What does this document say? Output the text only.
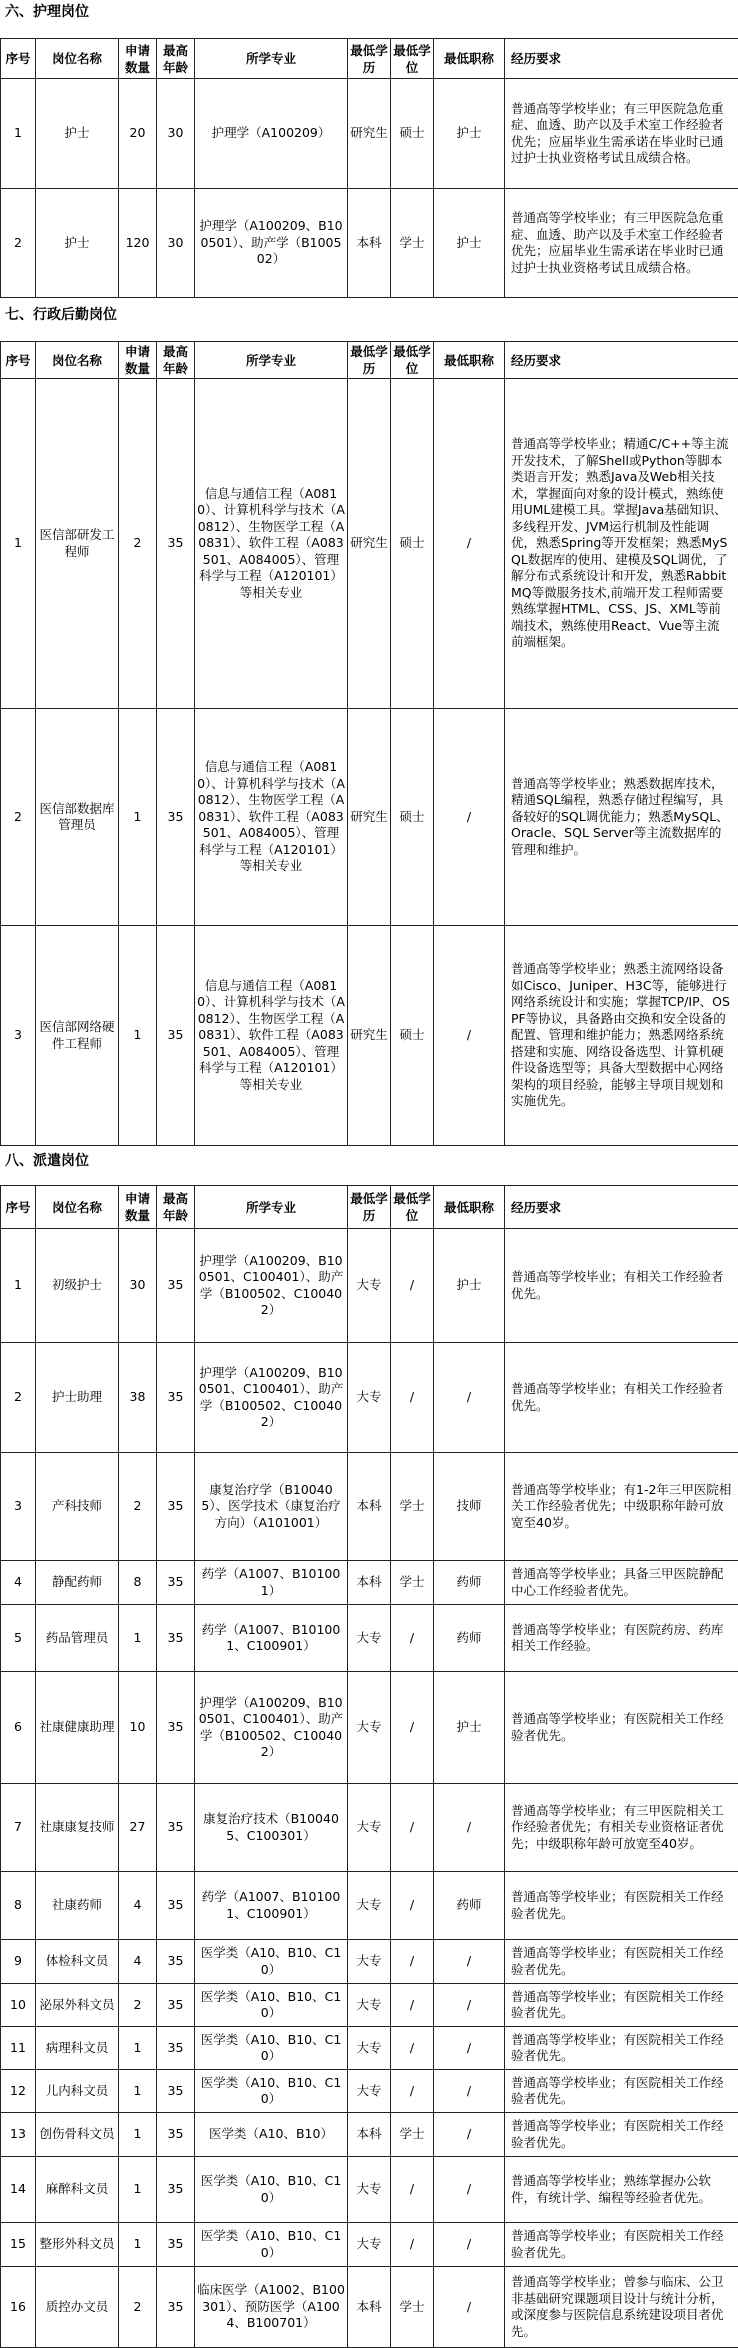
六、护理岗位
序号	岗位名称	申请数量	最高年龄	所学专业	最低学历	最低学位	最低职称	经历要求
1	护士	20	30	护理学（A100209）	研究生	硕士	护士	普通高等学校毕业；有三甲医院急危重症、血透、助产以及手术室工作经验者优先；应届毕业生需承诺在毕业时已通过护士执业资格考试且成绩合格。
2	护士	120	30	护理学（A100209、B100501）、助产学（B100502）	本科	学士	护士	普通高等学校毕业；有三甲医院急危重症、血透、助产以及手术室工作经验者优先；应届毕业生需承诺在毕业时已通过护士执业资格考试且成绩合格。
七、行政后勤岗位
序号	岗位名称	申请数量	最高年龄	所学专业	最低学历	最低学位	最低职称	经历要求
1	医信部研发工程师	2	35	信息与通信工程（A0810）、计算机科学与技术（A0812）、生物医学工程（A0831）、软件工程（A083501、A084005）、管理科学与工程（A120101）等相关专业	研究生	硕士	/	普通高等学校毕业；精通C/C++等主流开发技术，了解Shell或Python等脚本类语言开发；熟悉Java及Web相关技术，掌握面向对象的设计模式，熟练使用UML建模工具。掌握Java基础知识、多线程开发、JVM运行机制及性能调优，熟悉Spring等开发框架；熟悉MySQL数据库的使用、建模及SQL调优，了解分布式系统设计和开发，熟悉RabbitMQ等微服务技术,前端开发工程师需要熟练掌握HTML、CSS、JS、XML等前端技术，熟练使用React、Vue等主流前端框架。
2	医信部数据库管理员	1	35	信息与通信工程（A0810）、计算机科学与技术（A0812）、生物医学工程（A0831）、软件工程（A083501、A084005）、管理科学与工程（A120101）等相关专业	研究生	硕士	/	普通高等学校毕业；熟悉数据库技术，精通SQL编程，熟悉存储过程编写，具备较好的SQL调优能力；熟悉MySQL、Oracle、SQL Server等主流数据库的管理和维护。
3	医信部网络硬件工程师	1	35	信息与通信工程（A0810）、计算机科学与技术（A0812）、生物医学工程（A0831）、软件工程（A083501、A084005）、管理科学与工程（A120101）等相关专业	研究生	硕士	/	普通高等学校毕业；熟悉主流网络设备如Cisco、Juniper、H3C等，能够进行网络系统设计和实施；掌握TCP/IP、OSPF等协议，具备路由交换和安全设备的配置、管理和维护能力；熟悉网络系统搭建和实施、网络设备选型、计算机硬件设备选型等；具备大型数据中心网络架构的项目经验，能够主导项目规划和实施优先。
八、派遣岗位
序号	岗位名称	申请数量	最高年龄	所学专业	最低学历	最低学位	最低职称	经历要求
1	初级护士	30	35	护理学（A100209、B100501、C100401）、助产学（B100502、C100402）	大专	/	护士	普通高等学校毕业；有相关工作经验者优先。
2	护士助理	38	35	护理学（A100209、B100501、C100401）、助产学（B100502、C100402）	大专	/	/	普通高等学校毕业；有相关工作经验者优先。
3	产科技师	2	35	康复治疗学（B100405）、医学技术（康复治疗方向）（A101001）	本科	学士	技师	普通高等学校毕业；有1-2年三甲医院相关工作经验者优先；中级职称年龄可放宽至40岁。
4	静配药师	8	35	药学（A1007、B101001）	本科	学士	药师	普通高等学校毕业；具备三甲医院静配中心工作经验者优先。
5	药品管理员	1	35	药学（A1007、B101001、C100901）	大专	/	药师	普通高等学校毕业；有医院药房、药库相关工作经验。
6	社康健康助理	10	35	护理学（A100209、B100501、C100401）、助产学（B100502、C100402）	大专	/	护士	普通高等学校毕业；有医院相关工作经验者优先。
7	社康康复技师	27	35	康复治疗技术（B100405、C100301）	大专	/	/	普通高等学校毕业；有三甲医院相关工作经验者优先；有相关专业资格证者优先；中级职称年龄可放宽至40岁。
8	社康药师	4	35	药学（A1007、B101001、C100901）	大专	/	药师	普通高等学校毕业；有医院相关工作经验者优先。
9	体检科文员	4	35	医学类（A10、B10、C10）	大专	/	/	普通高等学校毕业；有医院相关工作经验者优先。
10	泌尿外科文员	2	35	医学类（A10、B10、C10）	大专	/	/	普通高等学校毕业；有医院相关工作经验者优先。
11	病理科文员	1	35	医学类（A10、B10、C10）	大专	/	/	普通高等学校毕业；有医院相关工作经验者优先。
12	儿内科文员	1	35	医学类（A10、B10、C10）	大专	/	/	普通高等学校毕业；有医院相关工作经验者优先。
13	创伤骨科文员	1	35	医学类（A10、B10）	本科	学士	/	普通高等学校毕业；有医院相关工作经验者优先。
14	麻醉科文员	1	35	医学类（A10、B10、C10）	大专	/	/	普通高等学校毕业；熟练掌握办公软件，有统计学、编程等经验者优先。
15	整形外科文员	1	35	医学类（A10、B10、C10）	大专	/	/	普通高等学校毕业；有医院相关工作经验者优先。
16	质控办文员	2	35	临床医学（A1002、B100301）、预防医学（A1004、B100701）	本科	学士	/	普通高等学校毕业；曾参与临床、公卫非基础研究课题项目设计与统计分析，或深度参与医院信息系统建设项目者优先。
